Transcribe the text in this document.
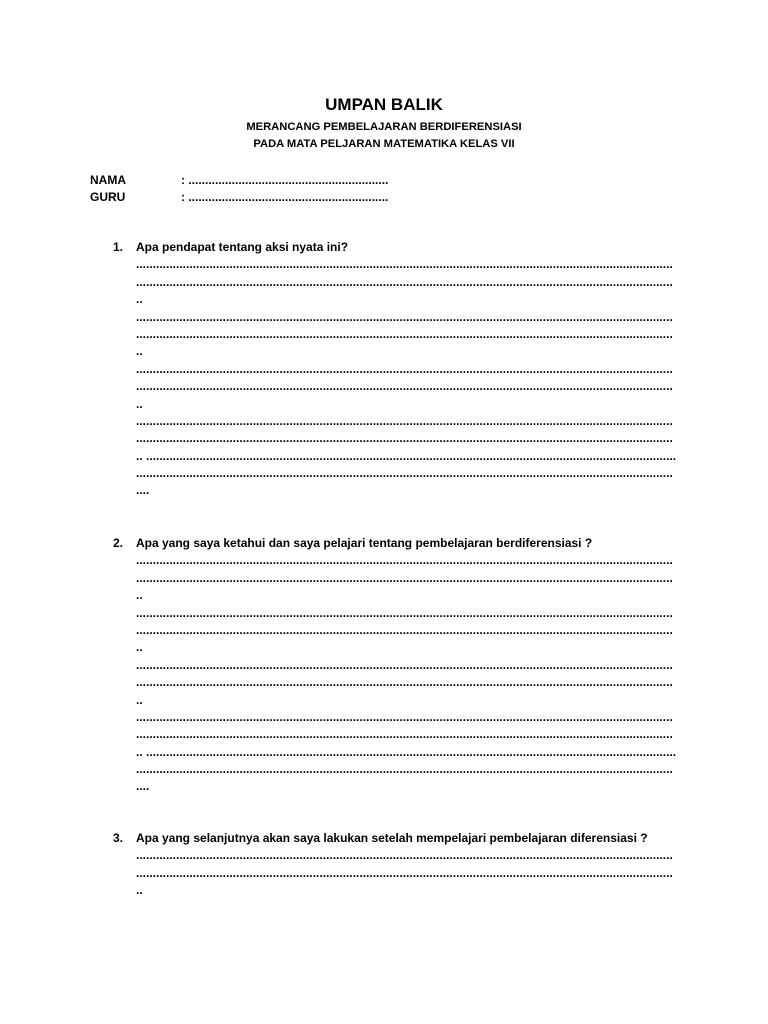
UMPAN BALIK
MERANCANG PEMBELAJARAN BERDIFERENSIASI
PADA MATA PELJARAN MATEMATIKA KELAS VII
NAMA	: ............................................................
GURU	: ............................................................
1. Apa pendapat tentang aksi nyata ini?
.................................................................................................................................................................
.................................................................................................................................................................
..
.................................................................................................................................................................
.................................................................................................................................................................
..
.................................................................................................................................................................
.................................................................................................................................................................
..
.................................................................................................................................................................
.................................................................................................................................................................
.. ...............................................................................................................................................................
.................................................................................................................................................................
....
2. Apa yang saya ketahui dan saya pelajari tentang pembelajaran berdiferensiasi ?
.................................................................................................................................................................
.................................................................................................................................................................
..
.................................................................................................................................................................
.................................................................................................................................................................
..
.................................................................................................................................................................
.................................................................................................................................................................
..
.................................................................................................................................................................
.................................................................................................................................................................
.. ...............................................................................................................................................................
.................................................................................................................................................................
....
3. Apa yang selanjutnya akan saya lakukan setelah mempelajari pembelajaran diferensiasi ?
.................................................................................................................................................................
.................................................................................................................................................................
..
